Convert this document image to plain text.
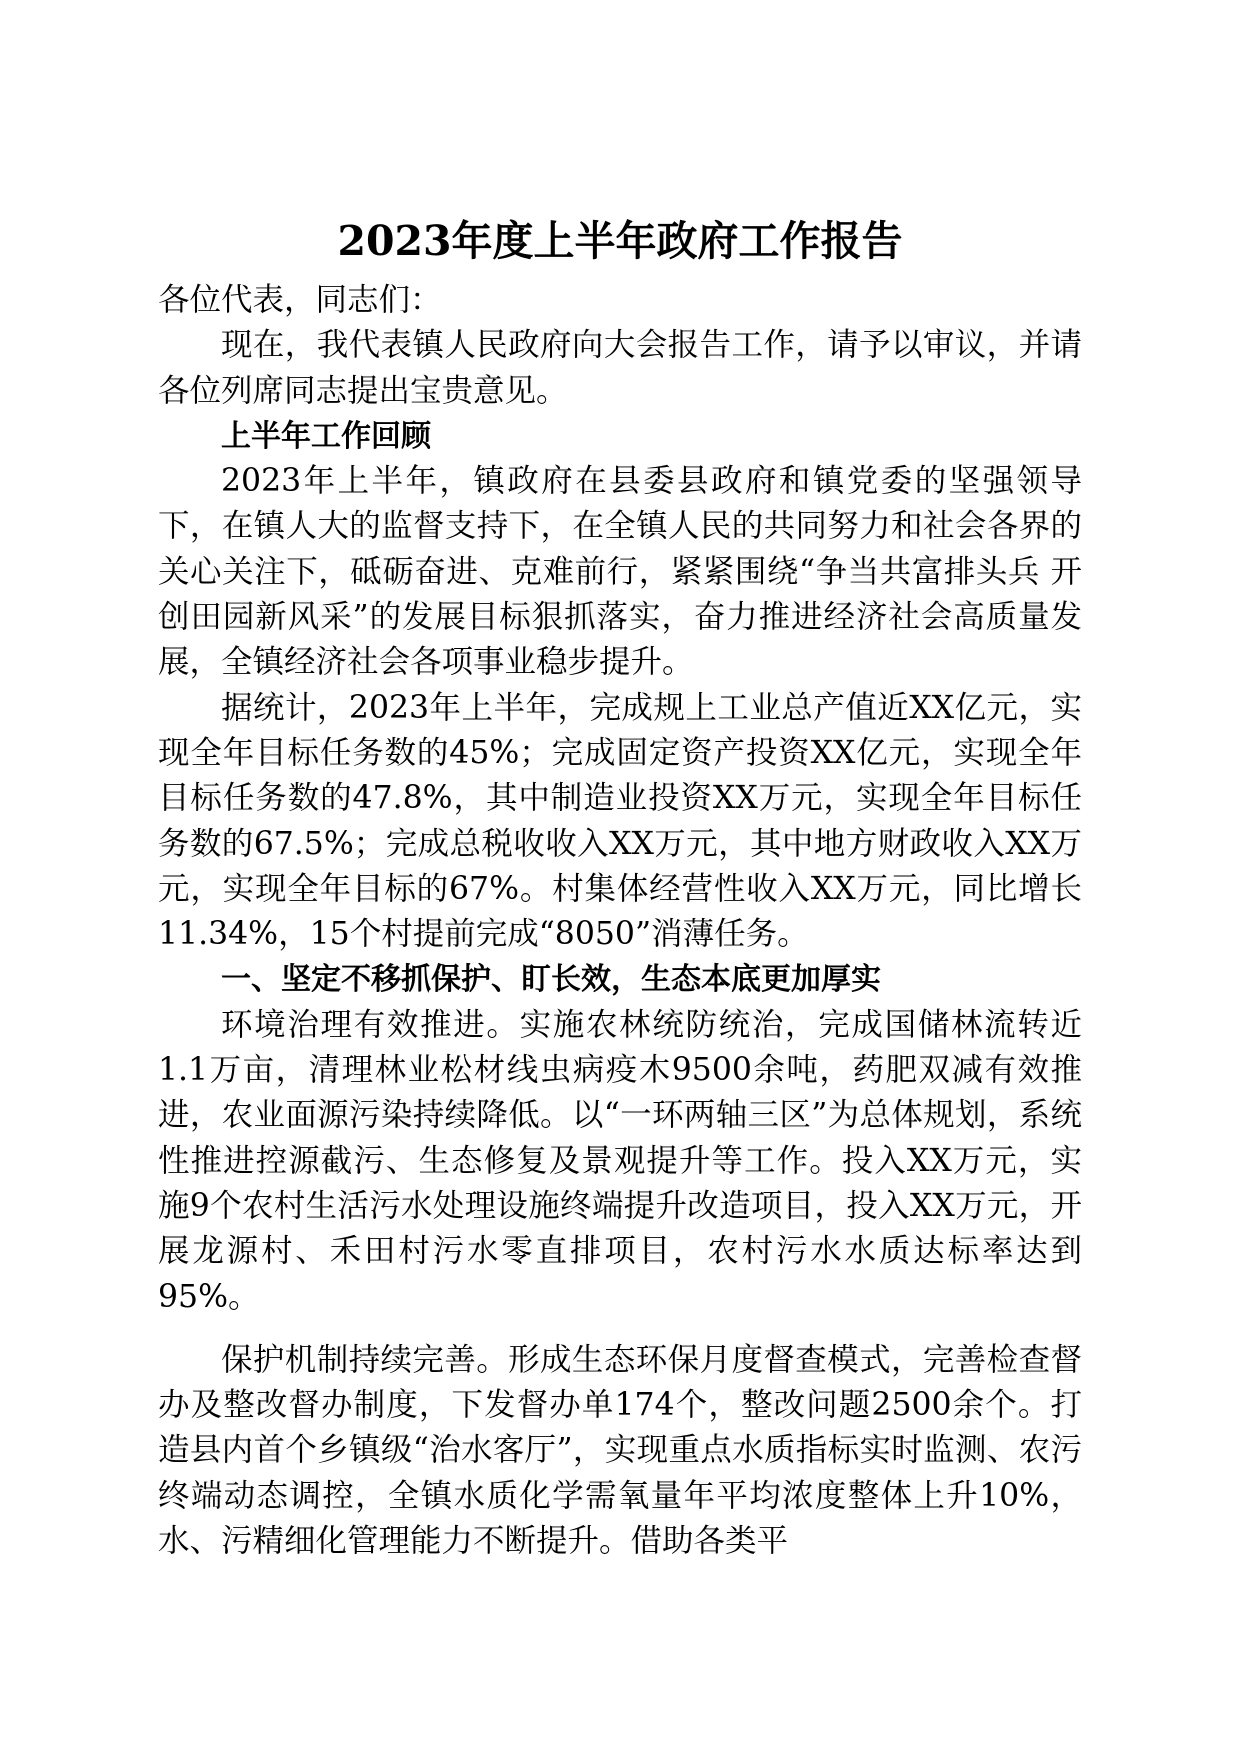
2023年度上半年政府工作报告

各位代表，同志们：

现在，我代表镇人民政府向大会报告工作，请予以审议，并请各位列席同志提出宝贵意见。

上半年工作回顾

2023年上半年，镇政府在县委县政府和镇党委的坚强领导下，在镇人大的监督支持下，在全镇人民的共同努力和社会各界的关心关注下，砥砺奋进、克难前行，紧紧围绕“争当共富排头兵 开创田园新风采”的发展目标狠抓落实，奋力推进经济社会高质量发展，全镇经济社会各项事业稳步提升。

据统计，2023年上半年，完成规上工业总产值近XX亿元，实现全年目标任务数的45%；完成固定资产投资XX亿元，实现全年目标任务数的47.8%，其中制造业投资XX万元，实现全年目标任务数的67.5%；完成总税收收入XX万元，其中地方财政收入XX万元，实现全年目标的67%。村集体经营性收入XX万元，同比增长11.34%，15个村提前完成“8050”消薄任务。

一、坚定不移抓保护、盯长效，生态本底更加厚实

环境治理有效推进。实施农林统防统治，完成国储林流转近1.1万亩，清理林业松材线虫病疫木9500余吨，药肥双减有效推进，农业面源污染持续降低。以“一环两轴三区”为总体规划，系统性推进控源截污、生态修复及景观提升等工作。投入XX万元，实施9个农村生活污水处理设施终端提升改造项目，投入XX万元，开展龙源村、禾田村污水零直排项目，农村污水水质达标率达到95%。

保护机制持续完善。形成生态环保月度督查模式，完善检查督办及整改督办制度，下发督办单174个，整改问题2500余个。打造县内首个乡镇级“治水客厅”，实现重点水质指标实时监测、农污终端动态调控，全镇水质化学需氧量年平均浓度整体上升10%，水、污精细化管理能力不断提升。借助各类平
